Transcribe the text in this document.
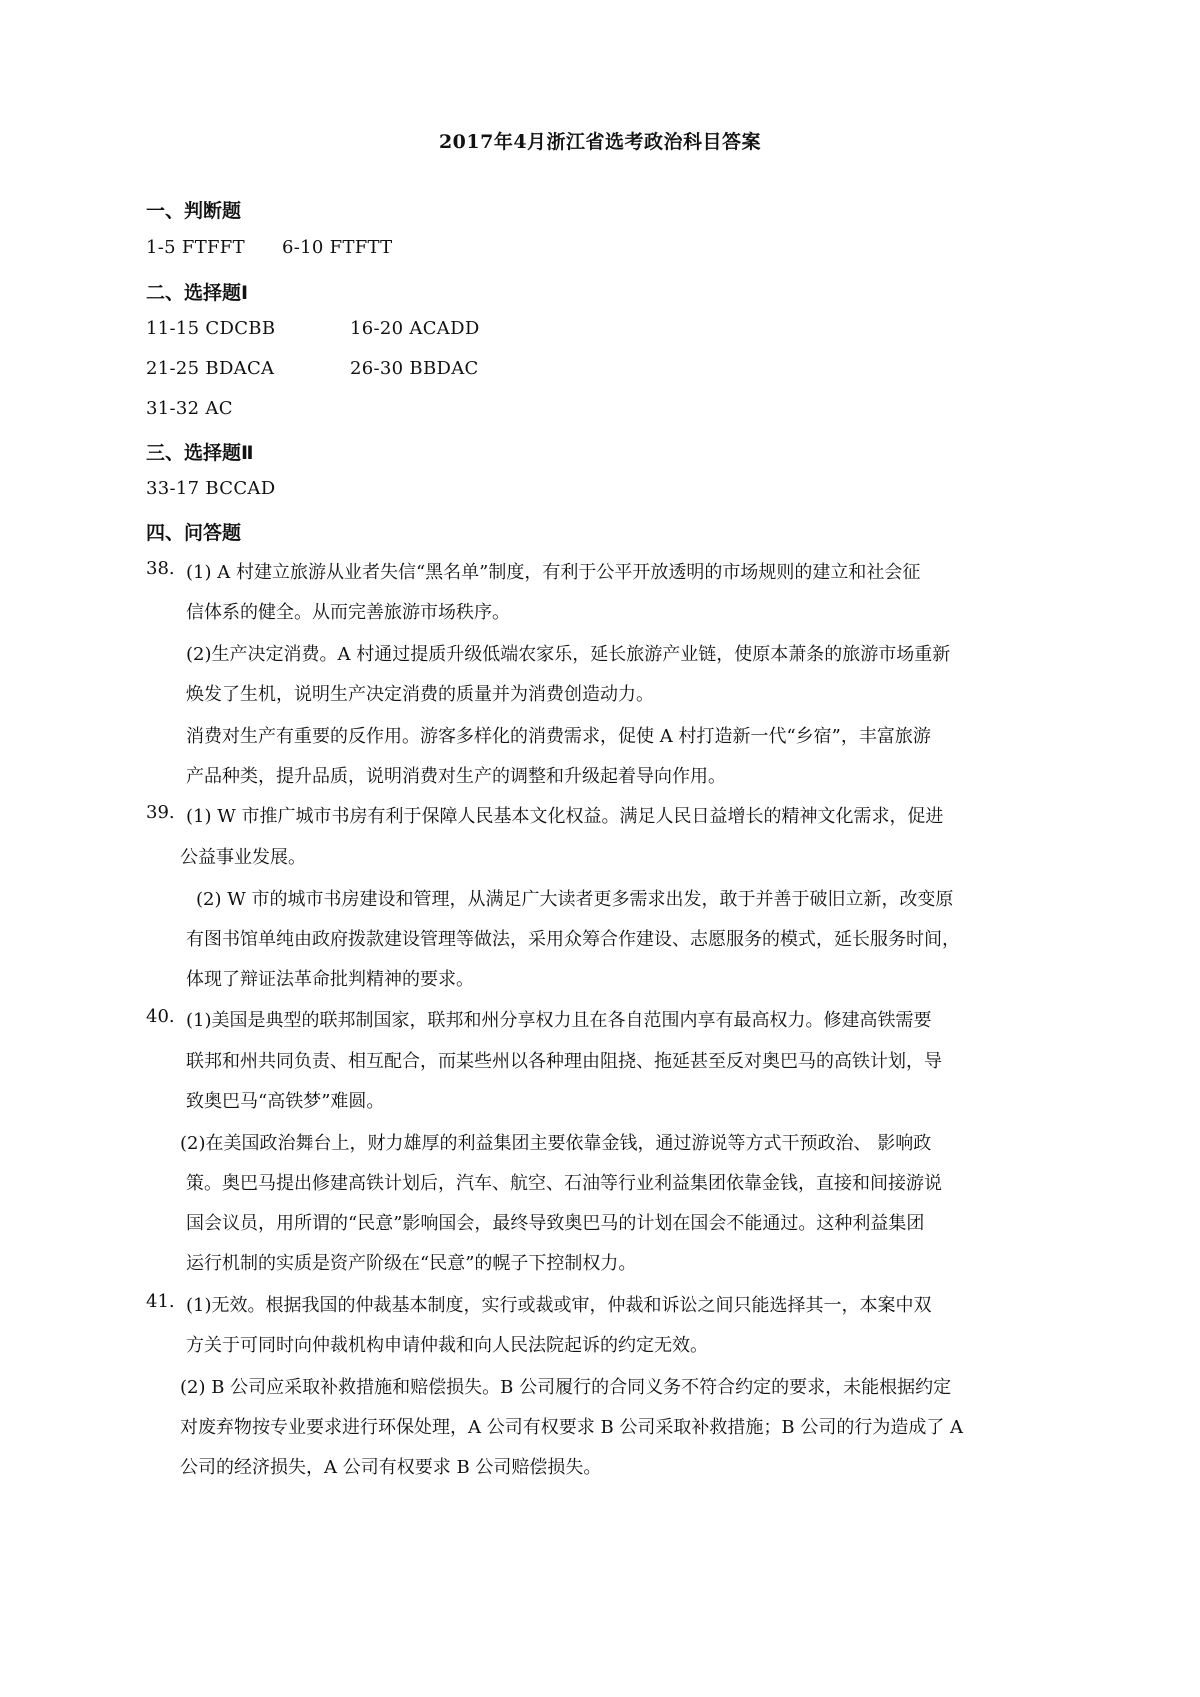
2017年4月浙江省选考政治科目答案
一、判断题
1-5 FTFFT 6-10 FTFTT
二、选择题Ⅰ
11-15 CDCBB	16-20 ACADD
21-25 BDACA	26-30 BBDAC
31-32 AC
三、选择题Ⅱ
33-17 BCCAD
四、问答题
38. (1) A 村建立旅游从业者失信“黑名单”制度，有利于公平开放透明的市场规则的建立和社会征
信体系的健全。从而完善旅游市场秩序。
(2)生产决定消费。A 村通过提质升级低端农家乐，延长旅游产业链，使原本萧条的旅游市场重新
焕发了生机，说明生产决定消费的质量并为消费创造动力。
消费对生产有重要的反作用。游客多样化的消费需求，促使 A 村打造新一代“乡宿”，丰富旅游
产品种类，提升品质，说明消费对生产的调整和升级起着导向作用。
39. (1) W 市推广城市书房有利于保障人民基本文化权益。满足人民日益增长的精神文化需求，促进
公益事业发展。
(2) W 市的城市书房建设和管理，从满足广大读者更多需求出发，敢于并善于破旧立新，改变原
有图书馆单纯由政府拨款建设管理等做法，采用众筹合作建设、志愿服务的模式，延长服务时间，
体现了辩证法革命批判精神的要求。
40. (1)美国是典型的联邦制国家，联邦和州分享权力且在各自范围内享有最高权力。修建高铁需要
联邦和州共同负责、相互配合，而某些州以各种理由阻挠、拖延甚至反对奥巴马的高铁计划，导
致奥巴马“高铁梦”难圆。
(2)在美国政治舞台上，财力雄厚的利益集团主要依靠金钱，通过游说等方式干预政治、 影响政
策。奥巴马提出修建高铁计划后，汽车、航空、石油等行业利益集团依靠金钱，直接和间接游说
国会议员，用所谓的“民意”影响国会，最终导致奥巴马的计划在国会不能通过。这种利益集团
运行机制的实质是资产阶级在“民意”的幌子下控制权力。
41. (1)无效。根据我国的仲裁基本制度，实行或裁或审，仲裁和诉讼之间只能选择其一，本案中双
方关于可同时向仲裁机构申请仲裁和向人民法院起诉的约定无效。
(2) B 公司应采取补救措施和赔偿损失。B 公司履行的合同义务不符合约定的要求，未能根据约定
对废弃物按专业要求进行环保处理，A 公司有权要求 B 公司采取补救措施；B 公司的行为造成了 A
公司的经济损失，A 公司有权要求 B 公司赔偿损失。
